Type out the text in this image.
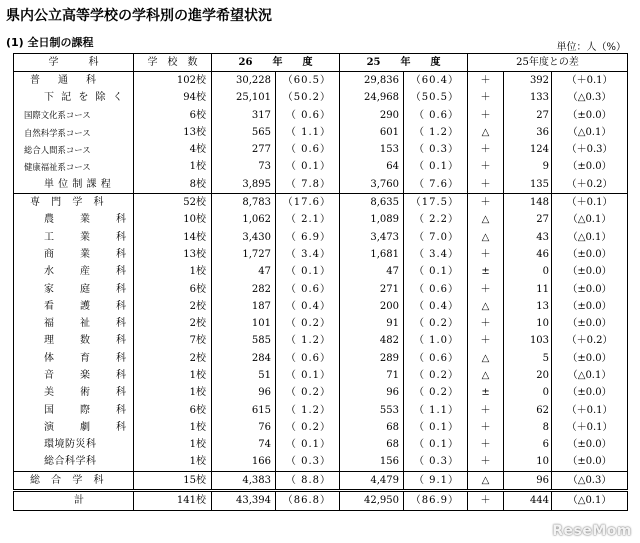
県内公立高等学校の学科別の進学希望状況
(1) 全日制の課程	単位：人（%）
学　　　科	学　校　数	26　　年　　度		25　　年　　度		25年度との差		
普　通　科	102校	30,228	（60.5）	29,836	（60.4）	＋	392	（＋0.1）
下 記 を 除 く	94校	25,101	（50.2）	24,968	（50.5）	＋	133	（△0.3）
国際文化系コース	6校	317	（ 0.6）	290	（ 0.6）	＋	27	（±0.0）
自然科学系コース	13校	565	（ 1.1）	601	（ 1.2）	△	36	（△0.1）
総合人間系コース	4校	277	（ 0.6）	153	（ 0.3）	＋	124	（＋0.3）
健康福祉系コース	1校	73	（ 0.1）	64	（ 0.1）	＋	9	（±0.0）
単 位 制 課 程	8校	3,895	（ 7.8）	3,760	（ 7.6）	＋	135	（＋0.2）
専 門 学 科	52校	8,783	（17.6）	8,635	（17.5）	＋	148	（＋0.1）
農　業　科	10校	1,062	（ 2.1）	1,089	（ 2.2）	△	27	（△0.1）
工　業　科	14校	3,430	（ 6.9）	3,473	（ 7.0）	△	43	（△0.1）
商　業　科	13校	1,727	（ 3.4）	1,681	（ 3.4）	＋	46	（±0.0）
水　産　科	1校	47	（ 0.1）	47	（ 0.1）	±	0	（±0.0）
家　庭　科	6校	282	（ 0.6）	271	（ 0.6）	＋	11	（±0.0）
看　護　科	2校	187	（ 0.4）	200	（ 0.4）	△	13	（±0.0）
福　祉　科	2校	101	（ 0.2）	91	（ 0.2）	＋	10	（±0.0）
理　数　科	7校	585	（ 1.2）	482	（ 1.0）	＋	103	（＋0.2）
体　育　科	2校	284	（ 0.6）	289	（ 0.6）	△	5	（±0.0）
音　楽　科	1校	51	（ 0.1）	71	（ 0.2）	△	20	（△0.1）
美　術　科	1校	96	（ 0.2）	96	（ 0.2）	±	0	（±0.0）
国　際　科	6校	615	（ 1.2）	553	（ 1.1）	＋	62	（＋0.1）
演　劇　科	1校	76	（ 0.2）	68	（ 0.1）	＋	8	（＋0.1）
環境防災科	1校	74	（ 0.1）	68	（ 0.1）	＋	6	（±0.0）
総合科学科	1校	166	（ 0.3）	156	（ 0.3）	＋	10	（±0.0）
総 合 学 科	15校	4,383	（ 8.8）	4,479	（ 9.1）	△	96	（△0.3）
計	141校	43,394	（86.8）	42,950	（86.9）	＋	444	（△0.1）
ReseMom
